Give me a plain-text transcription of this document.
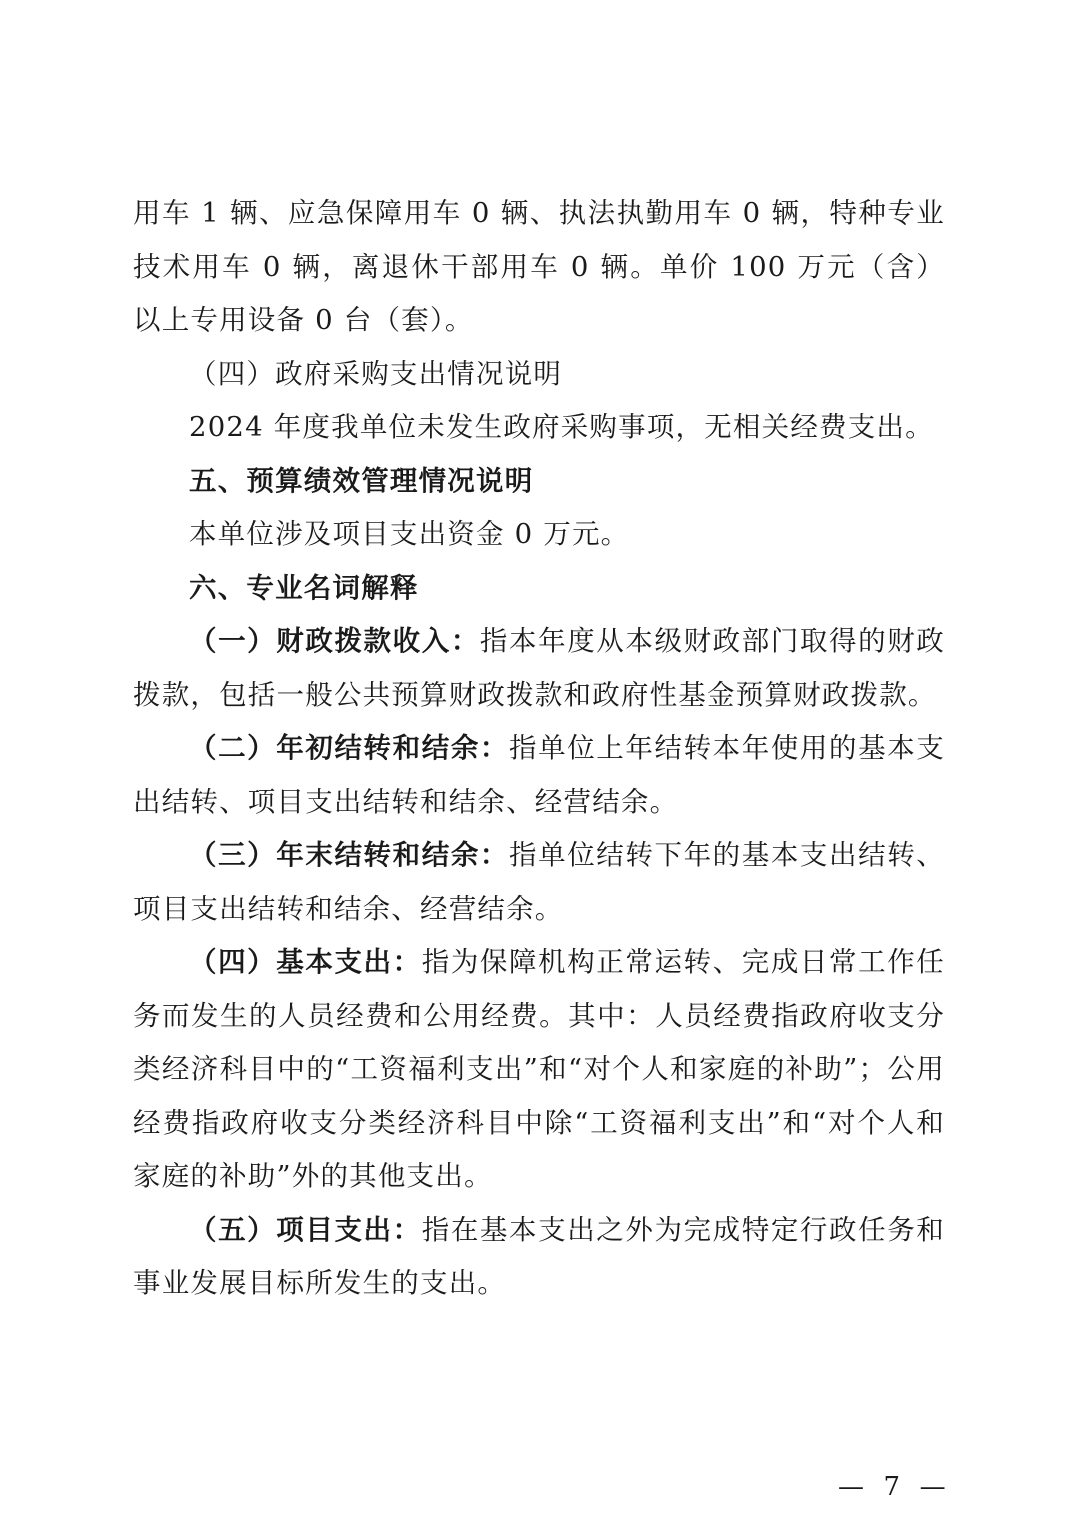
用车 1 辆、应急保障用车 0 辆、执法执勤用车 0 辆，特种专业技术用车 0 辆，离退休干部用车 0 辆。单价 100 万元（含）以上专用设备 0 台（套）。

（四）政府采购支出情况说明

2024 年度我单位未发生政府采购事项，无相关经费支出。

五、预算绩效管理情况说明

本单位涉及项目支出资金 0 万元。

六、专业名词解释

（一）财政拨款收入：指本年度从本级财政部门取得的财政拨款，包括一般公共预算财政拨款和政府性基金预算财政拨款。

（二）年初结转和结余：指单位上年结转本年使用的基本支出结转、项目支出结转和结余、经营结余。

（三）年末结转和结余：指单位结转下年的基本支出结转、项目支出结转和结余、经营结余。

（四）基本支出：指为保障机构正常运转、完成日常工作任务而发生的人员经费和公用经费。其中：人员经费指政府收支分类经济科目中的“工资福利支出”和“对个人和家庭的补助”；公用经费指政府收支分类经济科目中除“工资福利支出”和“对个人和家庭的补助”外的其他支出。

（五）项目支出：指在基本支出之外为完成特定行政任务和事业发展目标所发生的支出。

—  7  —
